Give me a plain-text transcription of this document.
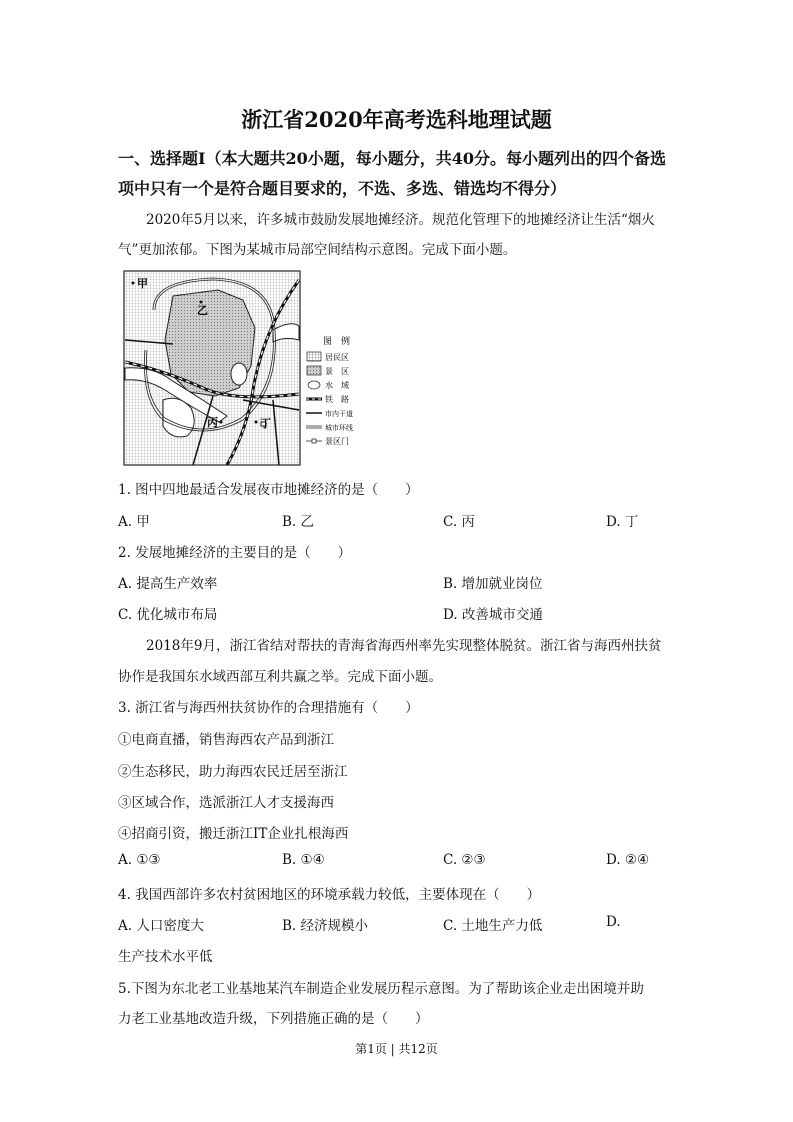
浙江省2020年高考选科地理试题
一、选择题Ⅰ（本大题共20小题，每小题分，共40分。每小题列出的四个备选
项中只有一个是符合题目要求的，不选、多选、错选均不得分）
2020年5月以来，许多城市鼓励发展地摊经济。规范化管理下的地摊经济让生活“烟火
气”更加浓郁。下图为某城市局部空间结构示意图。完成下面小题。
甲
乙
丙	丁
图　例
居民区
景　区
水　域
铁　路
市内干道
城市环线
景区门
1. 图中四地最适合发展夜市地摊经济的是（　　）
A. 甲	B. 乙	C. 丙	D. 丁
2. 发展地摊经济的主要目的是（　　）
A. 提高生产效率	B. 增加就业岗位
C. 优化城市布局	D. 改善城市交通
2018年9月，浙江省结对帮扶的青海省海西州率先实现整体脱贫。浙江省与海西州扶贫
协作是我国东水域西部互利共赢之举。完成下面小题。
3. 浙江省与海西州扶贫协作的合理措施有（　　）
①电商直播，销售海西农产品到浙江
②生态移民，助力海西农民迁居至浙江
③区域合作，选派浙江人才支援海西
④招商引资，搬迁浙江IT企业扎根海西
A. ①③	B. ①④	C. ②③	D. ②④
4. 我国西部许多农村贫困地区的环境承载力较低，主要体现在（　　）
A. 人口密度大	B. 经济规模小	C. 土地生产力低	D.
生产技术水平低
5.下图为东北老工业基地某汽车制造企业发展历程示意图。为了帮助该企业走出困境并助
力老工业基地改造升级，下列措施正确的是（　　）
第1页 | 共12页
